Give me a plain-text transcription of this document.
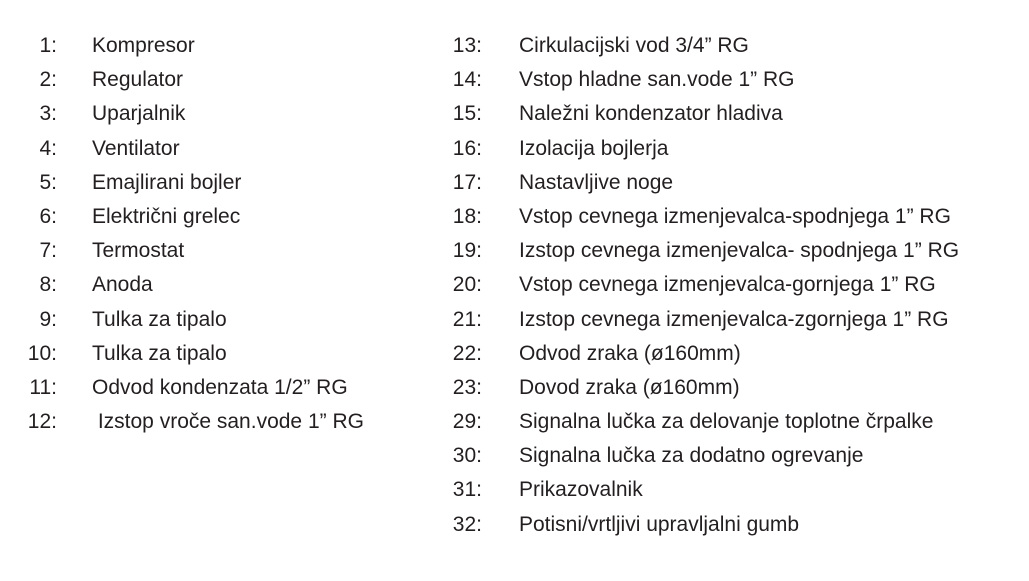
1: Kompresor
2: Regulator
3: Uparjalnik
4: Ventilator
5: Emajlirani bojler
6: Električni grelec
7: Termostat
8: Anoda
9: Tulka za tipalo
10: Tulka za tipalo
11: Odvod kondenzata 1/2” RG
12: Izstop vroče san.vode 1” RG
13: Cirkulacijski vod 3/4” RG
14: Vstop hladne san.vode 1” RG
15: Naležni kondenzator hladiva
16: Izolacija bojlerja
17: Nastavljive noge
18: Vstop cevnega izmenjevalca-spodnjega 1” RG
19: Izstop cevnega izmenjevalca- spodnjega 1” RG
20: Vstop cevnega izmenjevalca-gornjega 1” RG
21: Izstop cevnega izmenjevalca-zgornjega 1” RG
22: Odvod zraka (ø160mm)
23: Dovod zraka (ø160mm)
29: Signalna lučka za delovanje toplotne črpalke
30: Signalna lučka za dodatno ogrevanje
31: Prikazovalnik
32: Potisni/vrtljivi upravljalni gumb
